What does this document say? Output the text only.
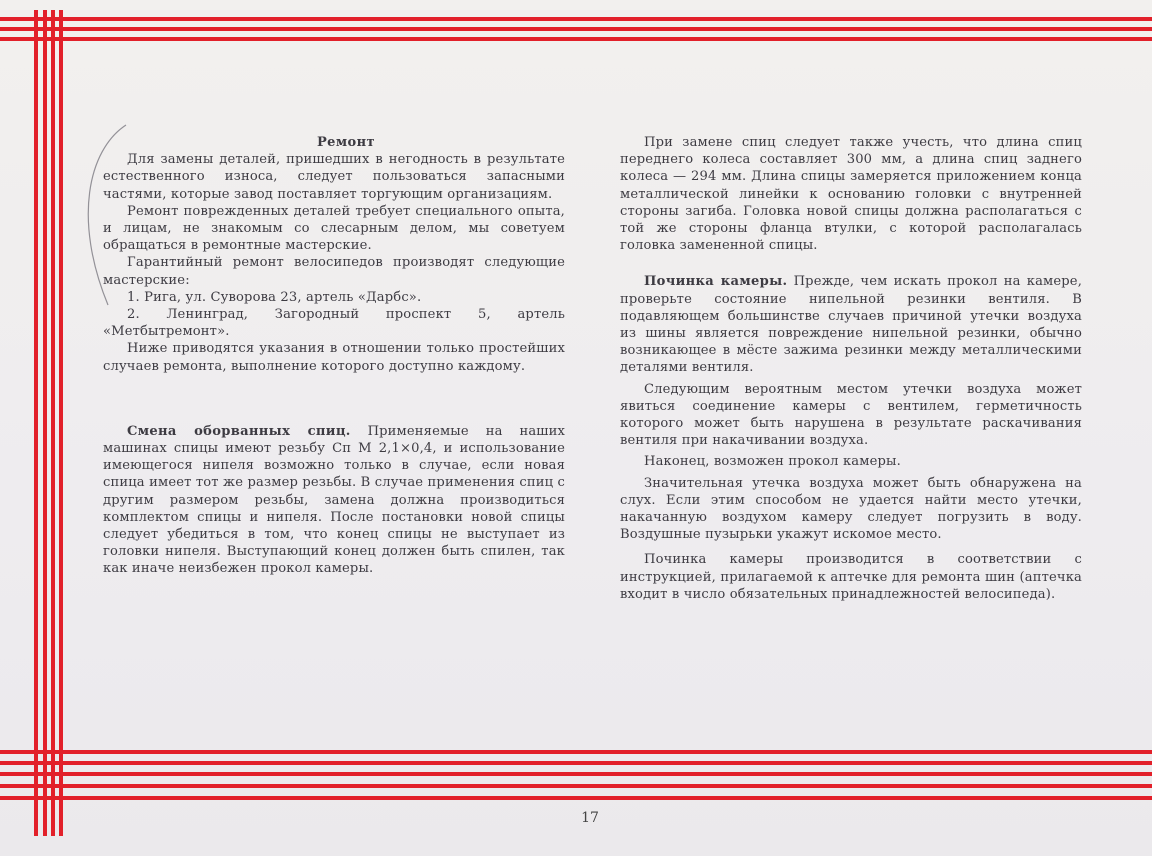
Ремонт

Для замены деталей, пришедших в негодность в результате естественного износа, следует пользоваться запасными частями, которые завод поставляет торгующим организациям.

Ремонт поврежденных деталей требует специального опыта, и лицам, не знакомым со слесарным делом, мы советуем обращаться в ремонтные мастерские.

Гарантийный ремонт велосипедов производят следующие мастерские:

1. Рига, ул. Суворова 23, артель «Дарбс».

2. Ленинград, Загородный проспект 5, артель «Метбытремонт».

Ниже приводятся указания в отношении только простейших случаев ремонта, выполнение которого доступно каждому.

Смена оборванных спиц. Применяемые на наших машинах спицы имеют резьбу Сп М 2,1×0,4, и использование имеющегося нипеля возможно только в случае, если новая спица имеет тот же размер резьбы. В случае применения спиц с другим размером резьбы, замена должна производиться комплектом спицы и нипеля. После постановки новой спицы следует убедиться в том, что конец спицы не выступает из головки нипеля. Выступающий конец должен быть спилен, так как иначе неизбежен прокол камеры.

При замене спиц следует также учесть, что длина спиц переднего колеса составляет 300 мм, а длина спиц заднего колеса — 294 мм. Длина спицы замеряется приложением конца металлической линейки к основанию головки с внутренней стороны загиба. Головка новой спицы должна располагаться с той же стороны фланца втулки, с которой располагалась головка замененной спицы.

Починка камеры. Прежде, чем искать прокол на камере, проверьте состояние нипельной резинки вентиля. В подавляющем большинстве случаев причиной утечки воздуха из шины является повреждение нипельной резинки, обычно возникающее в мёсте зажима резинки между металлическими деталями вентиля.

Следующим вероятным местом утечки воздуха может явиться соединение камеры с вентилем, герметичность которого может быть нарушена в результате раскачивания вентиля при накачивании воздуха.

Наконец, возможен прокол камеры.

Значительная утечка воздуха может быть обнаружена на слух. Если этим способом не удается найти место утечки, накачанную воздухом камеру следует погрузить в воду. Воздушные пузырьки укажут искомое место.

Починка камеры производится в соответствии с инструкцией, прилагаемой к аптечке для ремонта шин (аптечка входит в число обязательных принадлежностей велосипеда).

17
